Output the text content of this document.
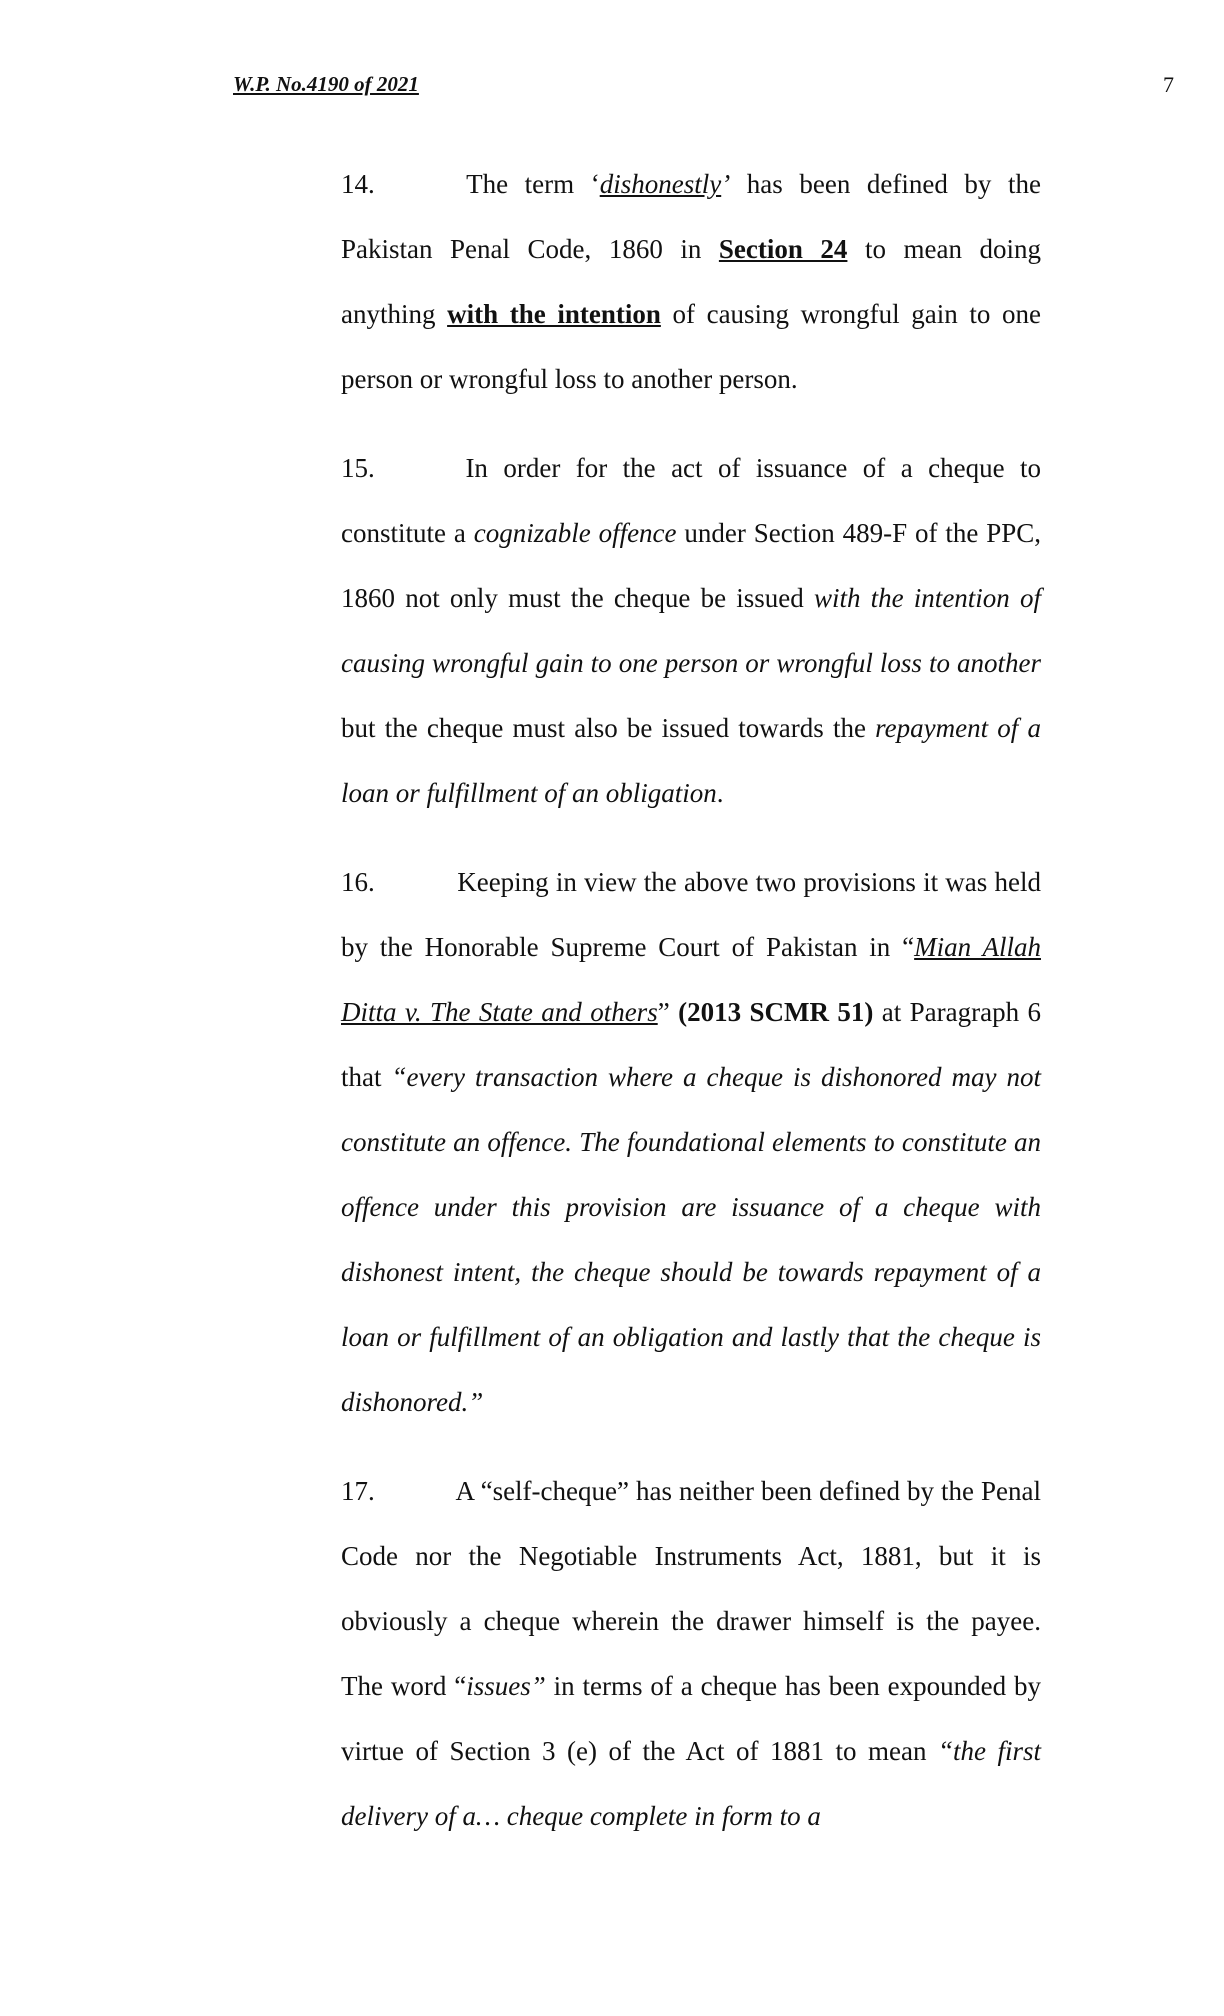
W.P. No.4190 of 2021	7

14.	The term ‘dishonestly’ has been defined by the Pakistan Penal Code, 1860 in Section 24 to mean doing anything with the intention of causing wrongful gain to one person or wrongful loss to another person.

15.	In order for the act of issuance of a cheque to constitute a cognizable offence under Section 489-F of the PPC, 1860 not only must the cheque be issued with the intention of causing wrongful gain to one person or wrongful loss to another but the cheque must also be issued towards the repayment of a loan or fulfillment of an obligation.

16.	Keeping in view the above two provisions it was held by the Honorable Supreme Court of Pakistan in “Mian Allah Ditta v. The State and others” (2013 SCMR 51) at Paragraph 6 that “every transaction where a cheque is dishonored may not constitute an offence. The foundational elements to constitute an offence under this provision are issuance of a cheque with dishonest intent, the cheque should be towards repayment of a loan or fulfillment of an obligation and lastly that the cheque is dishonored.”

17.	A “self-cheque” has neither been defined by the Penal Code nor the Negotiable Instruments Act, 1881, but it is obviously a cheque wherein the drawer himself is the payee. The word “issues” in terms of a cheque has been expounded by virtue of Section 3 (e) of the Act of 1881 to mean “the first delivery of a… cheque complete in form to a
